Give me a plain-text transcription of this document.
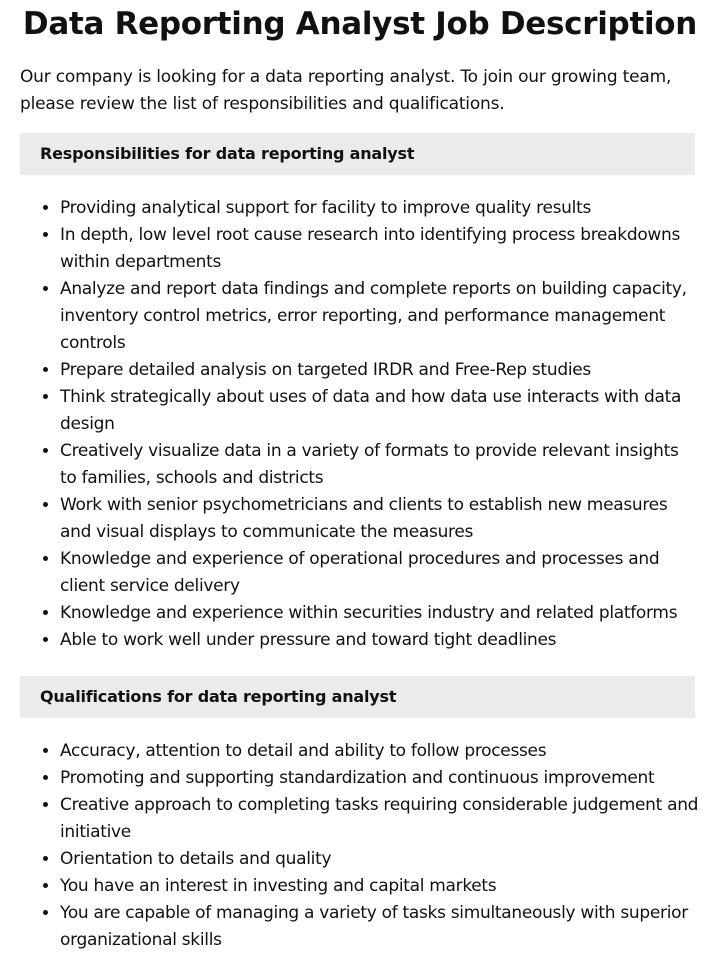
Data Reporting Analyst Job Description

Our company is looking for a data reporting analyst. To join our growing team, please review the list of responsibilities and qualifications.

Responsibilities for data reporting analyst
• Providing analytical support for facility to improve quality results
• In depth, low level root cause research into identifying process breakdowns within departments
• Analyze and report data findings and complete reports on building capacity, inventory control metrics, error reporting, and performance management controls
• Prepare detailed analysis on targeted IRDR and Free-Rep studies
• Think strategically about uses of data and how data use interacts with data design
• Creatively visualize data in a variety of formats to provide relevant insights to families, schools and districts
• Work with senior psychometricians and clients to establish new measures and visual displays to communicate the measures
• Knowledge and experience of operational procedures and processes and client service delivery
• Knowledge and experience within securities industry and related platforms
• Able to work well under pressure and toward tight deadlines
Qualifications for data reporting analyst
• Accuracy, attention to detail and ability to follow processes
• Promoting and supporting standardization and continuous improvement
• Creative approach to completing tasks requiring considerable judgement and initiative
• Orientation to details and quality
• You have an interest in investing and capital markets
• You are capable of managing a variety of tasks simultaneously with superior organizational skills
